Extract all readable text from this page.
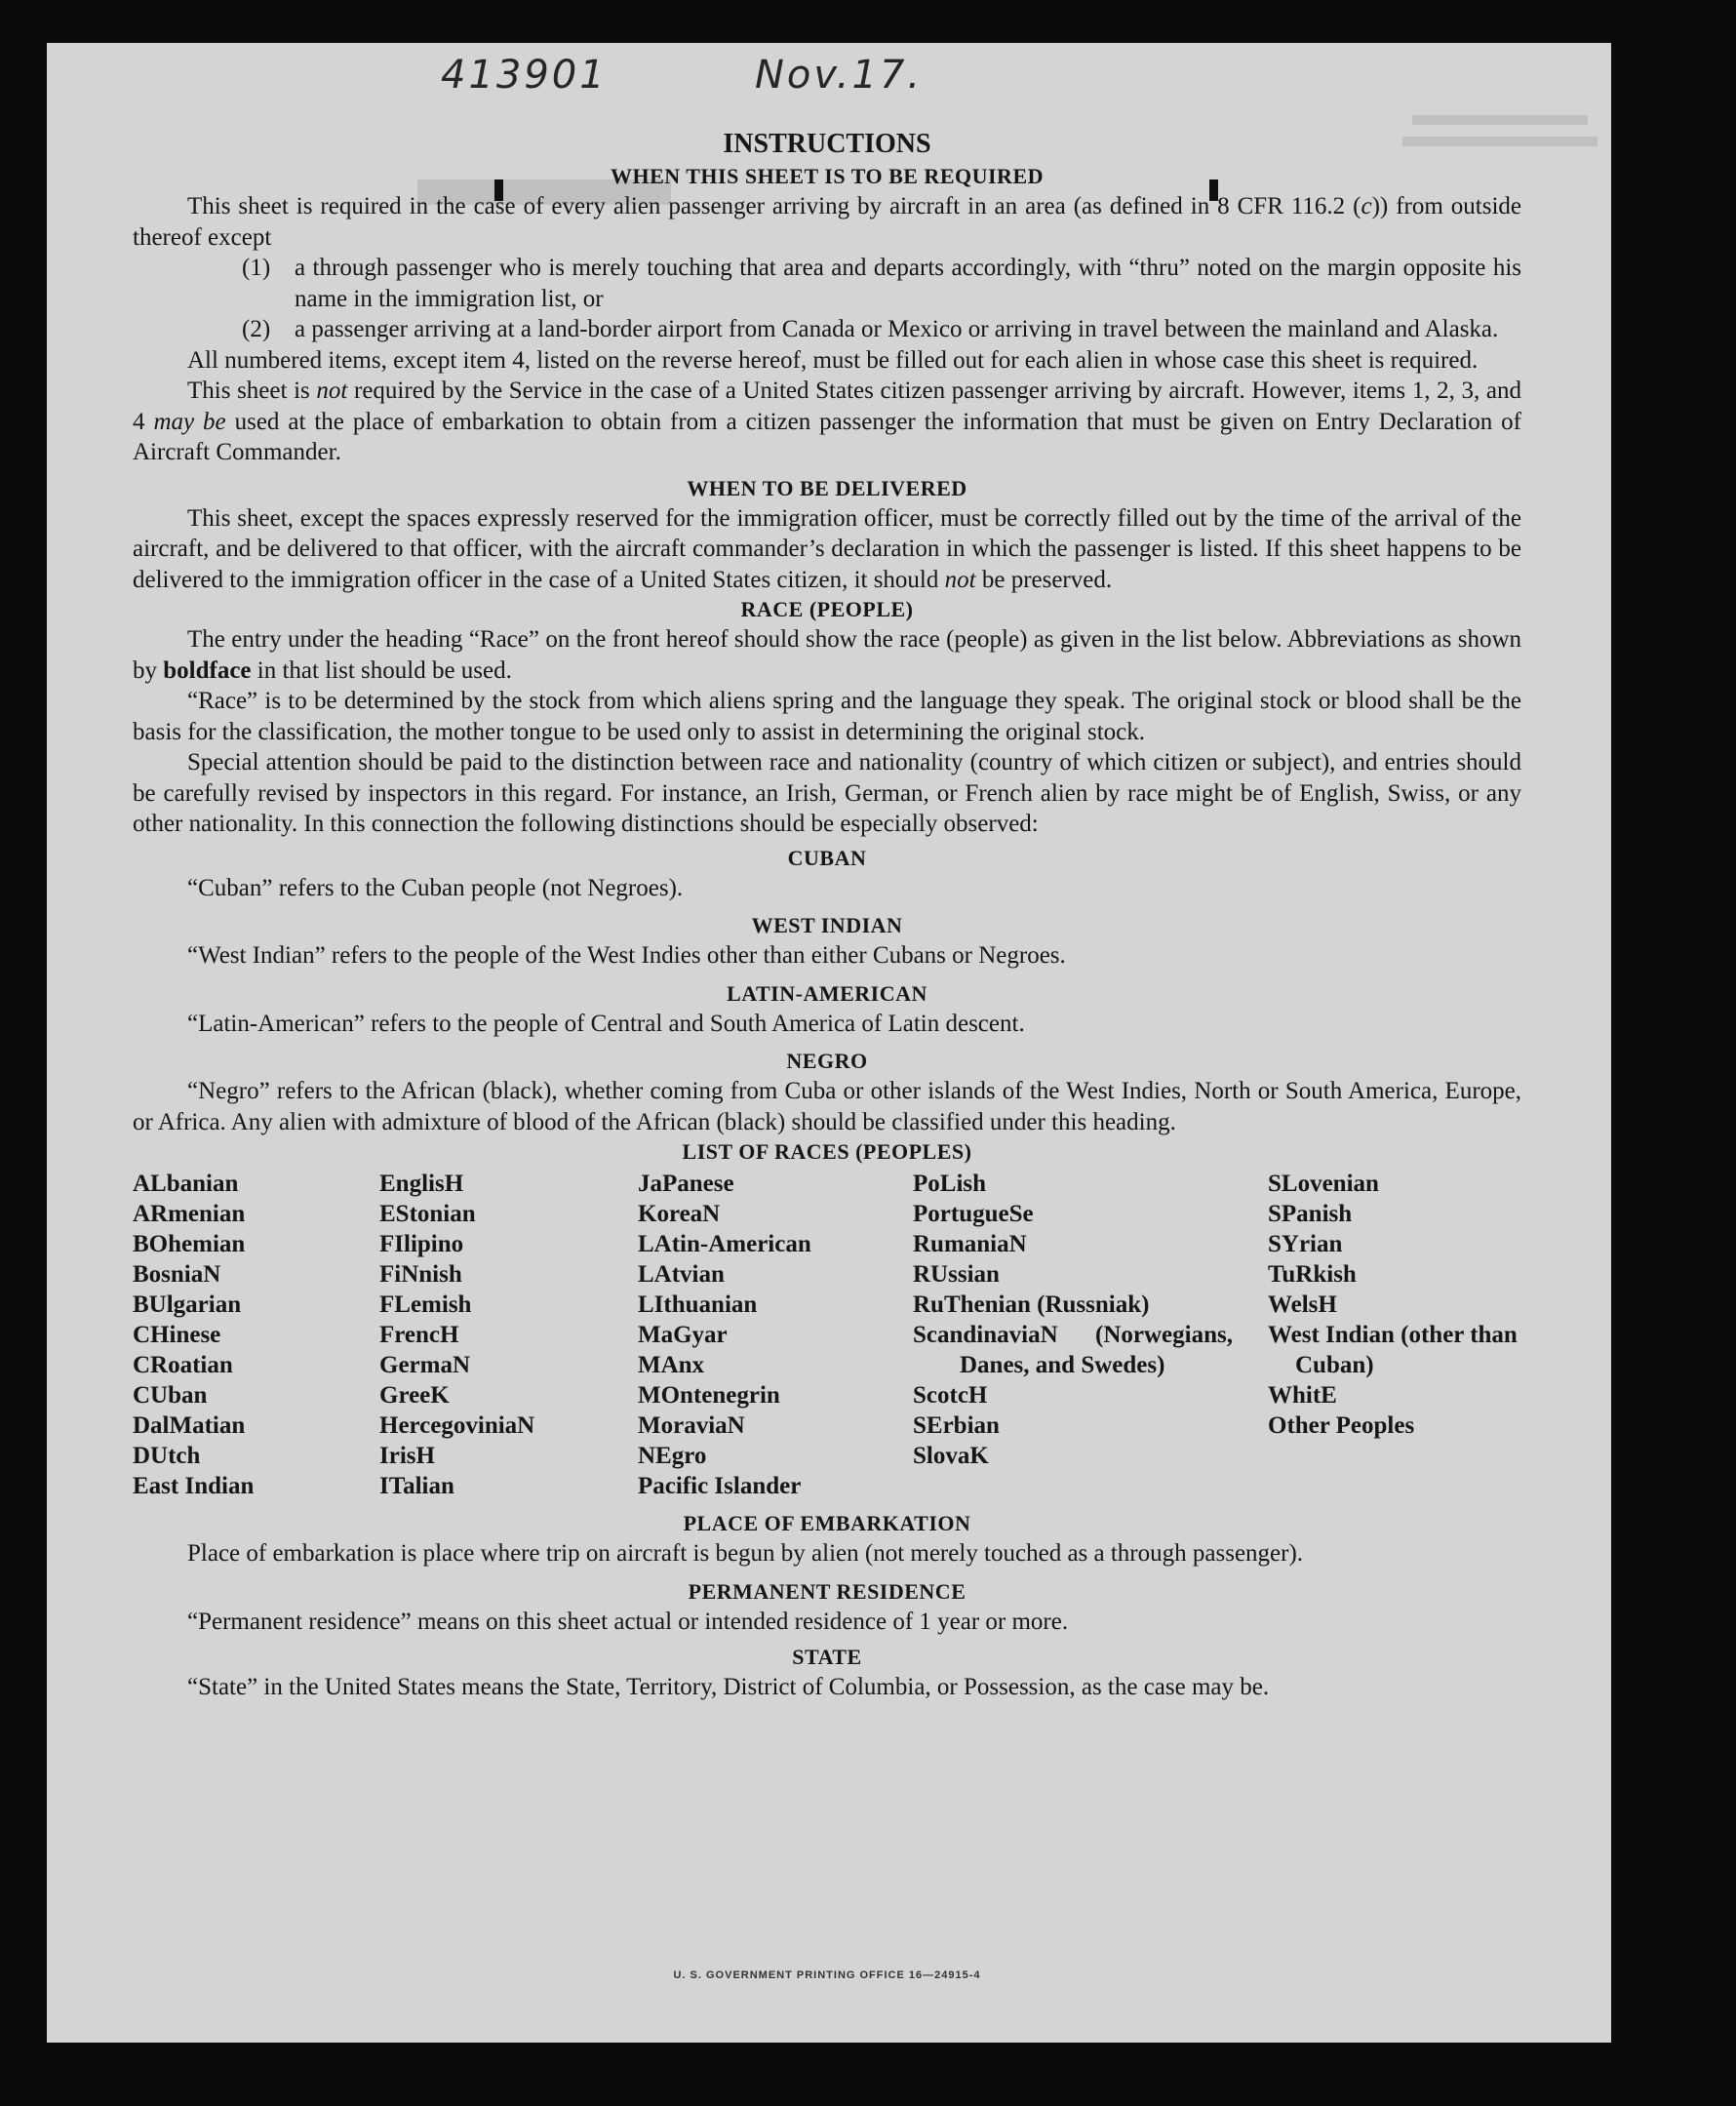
413901	Nov.17.
INSTRUCTIONS
WHEN THIS SHEET IS TO BE REQUIRED

This sheet is required in the case of every alien passenger arriving by aircraft in an area (as defined in 8 CFR 116.2 (c)) from outside thereof except

(1) a through passenger who is merely touching that area and departs accordingly, with “thru” noted on the margin opposite his name in the immigration list, or
(2) a passenger arriving at a land-border airport from Canada or Mexico or arriving in travel between the mainland and Alaska.

All numbered items, except item 4, listed on the reverse hereof, must be filled out for each alien in whose case this sheet is required.

This sheet is not required by the Service in the case of a United States citizen passenger arriving by aircraft. However, items 1, 2, 3, and 4 may be used at the place of embarkation to obtain from a citizen passenger the information that must be given on Entry Declaration of Aircraft Commander.

WHEN TO BE DELIVERED

This sheet, except the spaces expressly reserved for the immigration officer, must be correctly filled out by the time of the arrival of the aircraft, and be delivered to that officer, with the aircraft commander’s declaration in which the passenger is listed. If this sheet happens to be delivered to the immigration officer in the case of a United States citizen, it should not be preserved.

RACE (PEOPLE)

The entry under the heading “Race” on the front hereof should show the race (people) as given in the list below. Abbreviations as shown by boldface in that list should be used.

“Race” is to be determined by the stock from which aliens spring and the language they speak. The original stock or blood shall be the basis for the classification, the mother tongue to be used only to assist in determining the original stock.

Special attention should be paid to the distinction between race and nationality (country of which citizen or subject), and entries should be carefully revised by inspectors in this regard. For instance, an Irish, German, or French alien by race might be of English, Swiss, or any other nationality. In this connection the following distinctions should be especially observed:

CUBAN

“Cuban” refers to the Cuban people (not Negroes).

WEST INDIAN

“West Indian” refers to the people of the West Indies other than either Cubans or Negroes.

LATIN-AMERICAN

“Latin-American” refers to the people of Central and South America of Latin descent.

NEGRO

“Negro” refers to the African (black), whether coming from Cuba or other islands of the West Indies, North or South America, Europe, or Africa. Any alien with admixture of blood of the African (black) should be classified under this heading.

LIST OF RACES (PEOPLES)
ALbanian
ARmenian
BOhemian
BosniaN
BUlgarian
CHinese
CRoatian
CUban
DalMatian
DUtch
East Indian
EnglisH
EStonian
FIlipino
FiNnish
FLemish
FrencH
GermaN
GreeK
HercegoviniaN
IrisH
ITalian
JaPanese
KoreaN
LAtin-American
LAtvian
LIthuanian
MaGyar
MAnx
MOntenegrin
MoraviaN
NEgro
Pacific Islander
PoLish
PortugueSe
RumaniaN
RUssian
RuThenian (Russniak)
ScandinaviaN (Norwegians, Danes, and Swedes)
ScotcH
SErbian
SlovaK
SLovenian
SPanish
SYrian
TuRkish
WelsH
West Indian (other than Cuban)
WhitE
Other Peoples
PLACE OF EMBARKATION

Place of embarkation is place where trip on aircraft is begun by alien (not merely touched as a through passenger).

PERMANENT RESIDENCE

“Permanent residence” means on this sheet actual or intended residence of 1 year or more.

STATE

“State” in the United States means the State, Territory, District of Columbia, or Possession, as the case may be.

U. S. GOVERNMENT PRINTING OFFICE 16—24915-4
